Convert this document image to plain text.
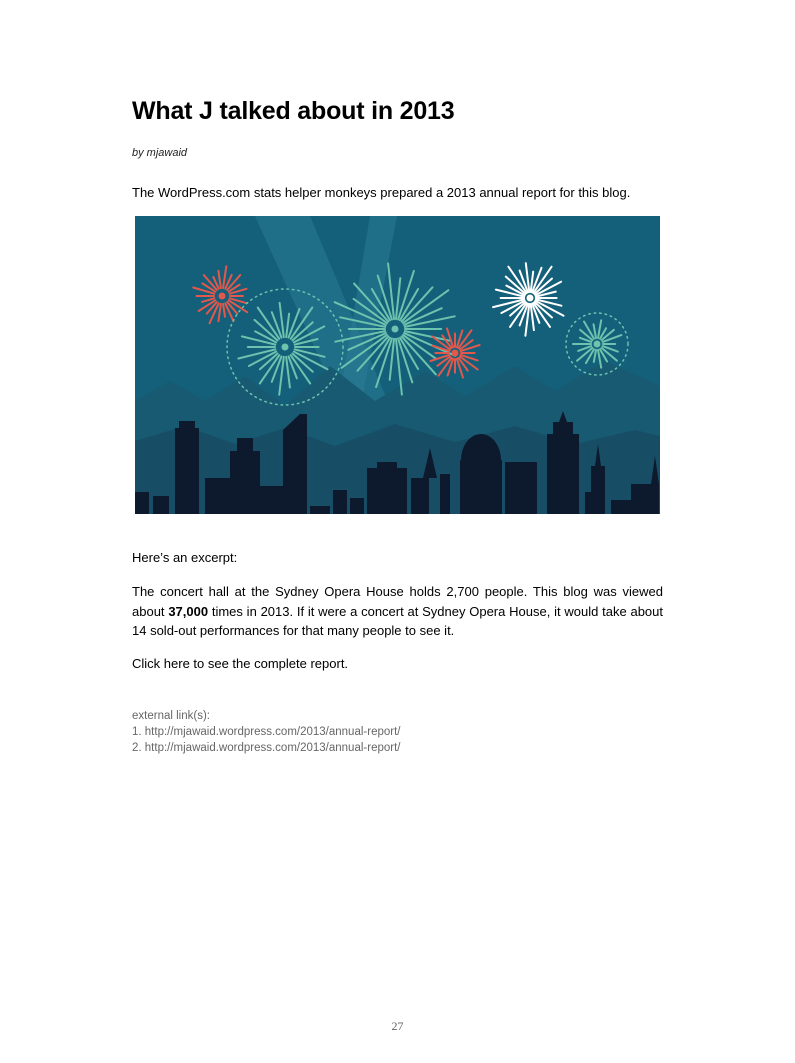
What J talked about in 2013
by mjawaid

The WordPress.com stats helper monkeys prepared a 2013 annual report for this blog.

Here’s an excerpt:

The concert hall at the Sydney Opera House holds 2,700 people. This blog was viewed about 37,000 times in 2013. If it were a concert at Sydney Opera House, it would take about 14 sold-out performances for that many people to see it.

Click here to see the complete report.

external link(s):
1. http://mjawaid.wordpress.com/2013/annual-report/
2. http://mjawaid.wordpress.com/2013/annual-report/
27
